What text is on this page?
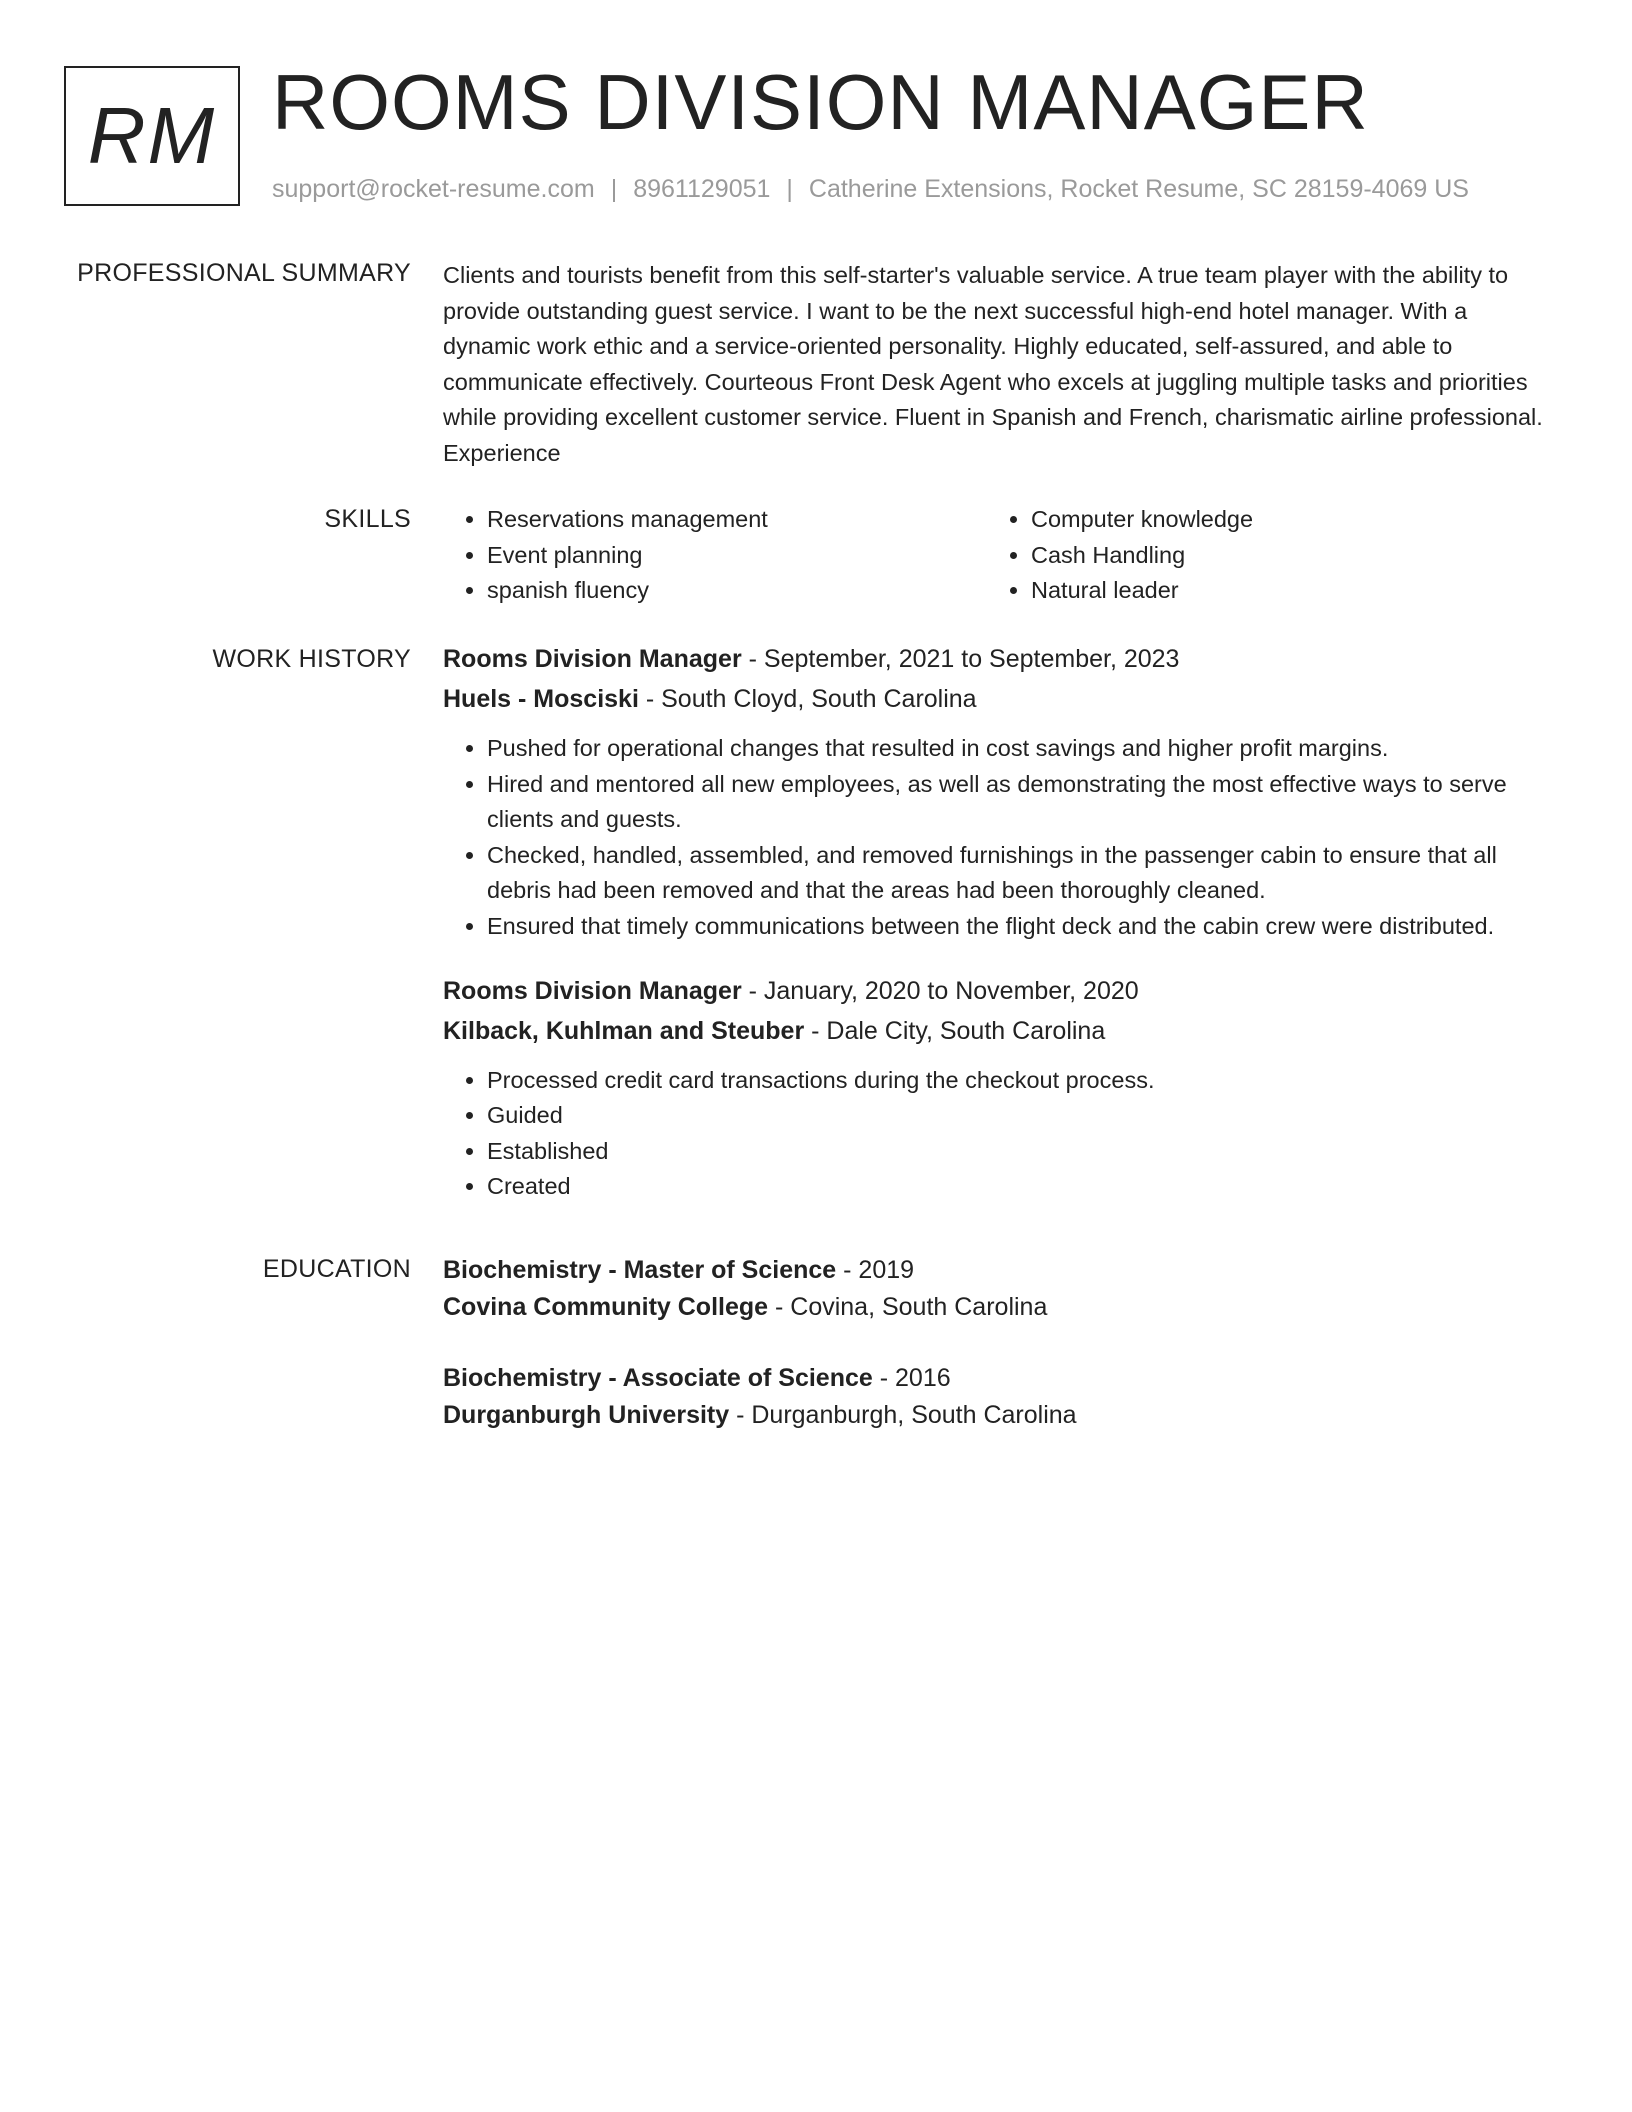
RM ROOMS DIVISION MANAGER
support@rocket-resume.com | 8961129051 | Catherine Extensions, Rocket Resume, SC 28159-4069 US
PROFESSIONAL SUMMARY Clients and tourists benefit from this self-starter's valuable service. A true team player with the ability to provide outstanding guest service. I want to be the next successful high-end hotel manager. With a dynamic work ethic and a service-oriented personality. Highly educated, self-assured, and able to communicate effectively. Courteous Front Desk Agent who excels at juggling multiple tasks and priorities while providing excellent customer service. Fluent in Spanish and French, charismatic airline professional. Experience

SKILLS
•	Reservations management
• Event planning
• spanish fluency
• Computer knowledge
• Cash Handling
• Natural leader
WORK HISTORY Rooms Division Manager - September, 2021 to September, 2023
Huels - Mosciski - South Cloyd, South Carolina
• Pushed for operational changes that resulted in cost savings and higher profit margins.
• Hired and mentored all new employees, as well as demonstrating the most effective ways to serve clients and guests.
• Checked, handled, assembled, and removed furnishings in the passenger cabin to ensure that all debris had been removed and that the areas had been thoroughly cleaned.
• Ensured that timely communications between the flight deck and the cabin crew were distributed.
Rooms Division Manager - January, 2020 to November, 2020
Kilback, Kuhlman and Steuber - Dale City, South Carolina
• Processed credit card transactions during the checkout process.
• Guided
• Established
• Created
EDUCATION Biochemistry - Master of Science - 2019
Covina Community College - Covina, South Carolina
Biochemistry - Associate of Science - 2016
Durganburgh University - Durganburgh, South Carolina
